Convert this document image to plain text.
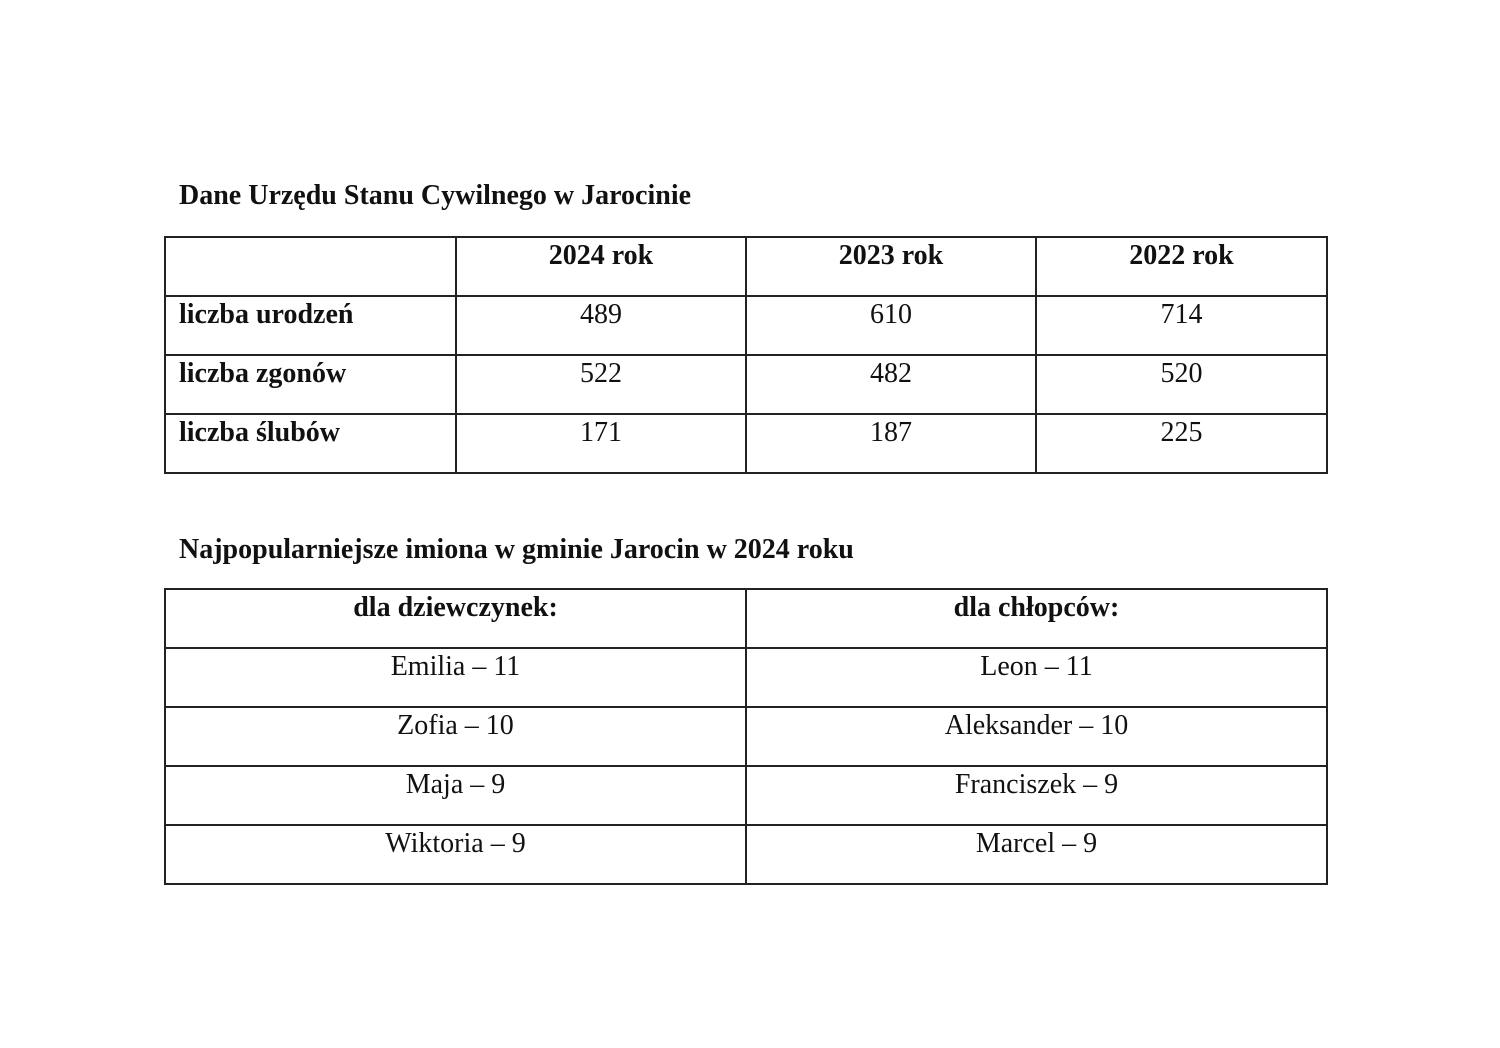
Dane Urzędu Stanu Cywilnego w Jarocinie

	2024 rok	2023 rok	2022 rok

liczba urodzeń	489	610	714

liczba zgonów	522	482	520

liczba ślubów	171	187	225
Najpopularniejsze imiona w gminie Jarocin w 2024 roku
dla dziewczynek:	dla chłopców:

Emilia – 11	Leon – 11

Zofia – 10	Aleksander – 10

Maja – 9	Franciszek – 9

Wiktoria – 9	Marcel – 9
